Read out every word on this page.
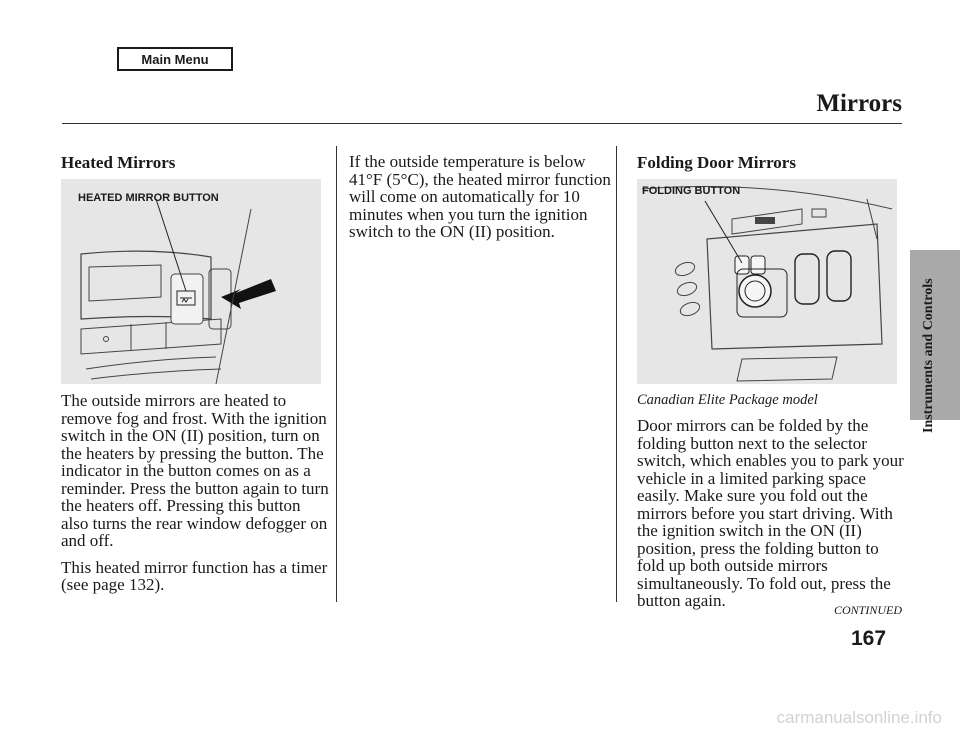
Main Menu
Mirrors
Instruments and Controls
Heated Mirrors
HEATED MIRROR BUTTON

The outside mirrors are heated to remove fog and frost. With the ignition switch in the ON (II) position, turn on the heaters by pressing the button. The indicator in the button comes on as a reminder. Press the button again to turn the heaters off. Pressing this button also turns the rear window defogger on and off.

This heated mirror function has a timer (see page 132).

If the outside temperature is below 41°F (5°C), the heated mirror function will come on automatically for 10 minutes when you turn the ignition switch to the ON (II) position.

Folding Door Mirrors
FOLDING BUTTON

Canadian Elite Package model

Door mirrors can be folded by the folding button next to the selector switch, which enables you to park your vehicle in a limited parking space easily. Make sure you fold out the mirrors before you start driving. With the ignition switch in the ON (II) position, press the folding button to fold up both outside mirrors simultaneously. To fold out, press the button again.	CONTINUED
167
carmanualsonline.info
